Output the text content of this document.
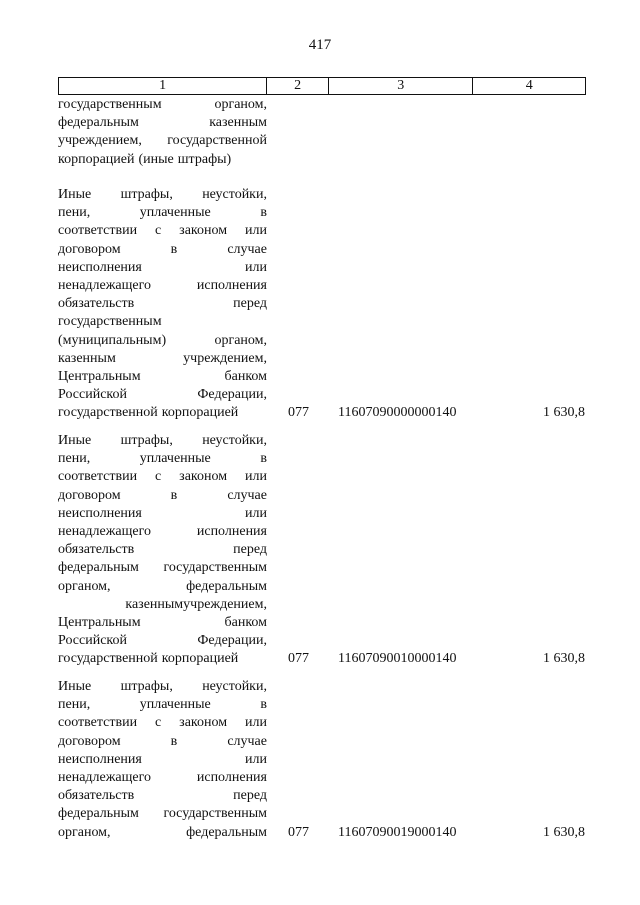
417
1	2	3	4
государственным	органом,
федеральным	казенным
учреждением, государственной
корпорацией (иные штрафы)
Иные штрафы, неустойки,
пени,	уплаченные	в
соответствии с законом или
договором	в	случае
неисполнения	или
ненадлежащего	исполнения
обязательств	перед
государственным
(муниципальным)	органом,
казенным	учреждением,
Центральным	банком
Российской	Федерации,
государственной корпорацией	077 11607090000000140	1 630,8
Иные штрафы, неустойки,
пени,	уплаченные	в
соответствии с законом или
договором	в	случае
неисполнения	или
ненадлежащего	исполнения
обязательств	перед
федеральным государственным
органом,	федеральным
казенным учреждением,
Центральным	банком
Российской	Федерации,
государственной корпорацией	077 11607090010000140	1 630,8
Иные штрафы, неустойки,
пени,	уплаченные	в
соответствии с законом или
договором	в	случае
неисполнения	или
ненадлежащего	исполнения
обязательств	перед
федеральным государственным
органом,	федеральным 077 11607090019000140	1 630,8
